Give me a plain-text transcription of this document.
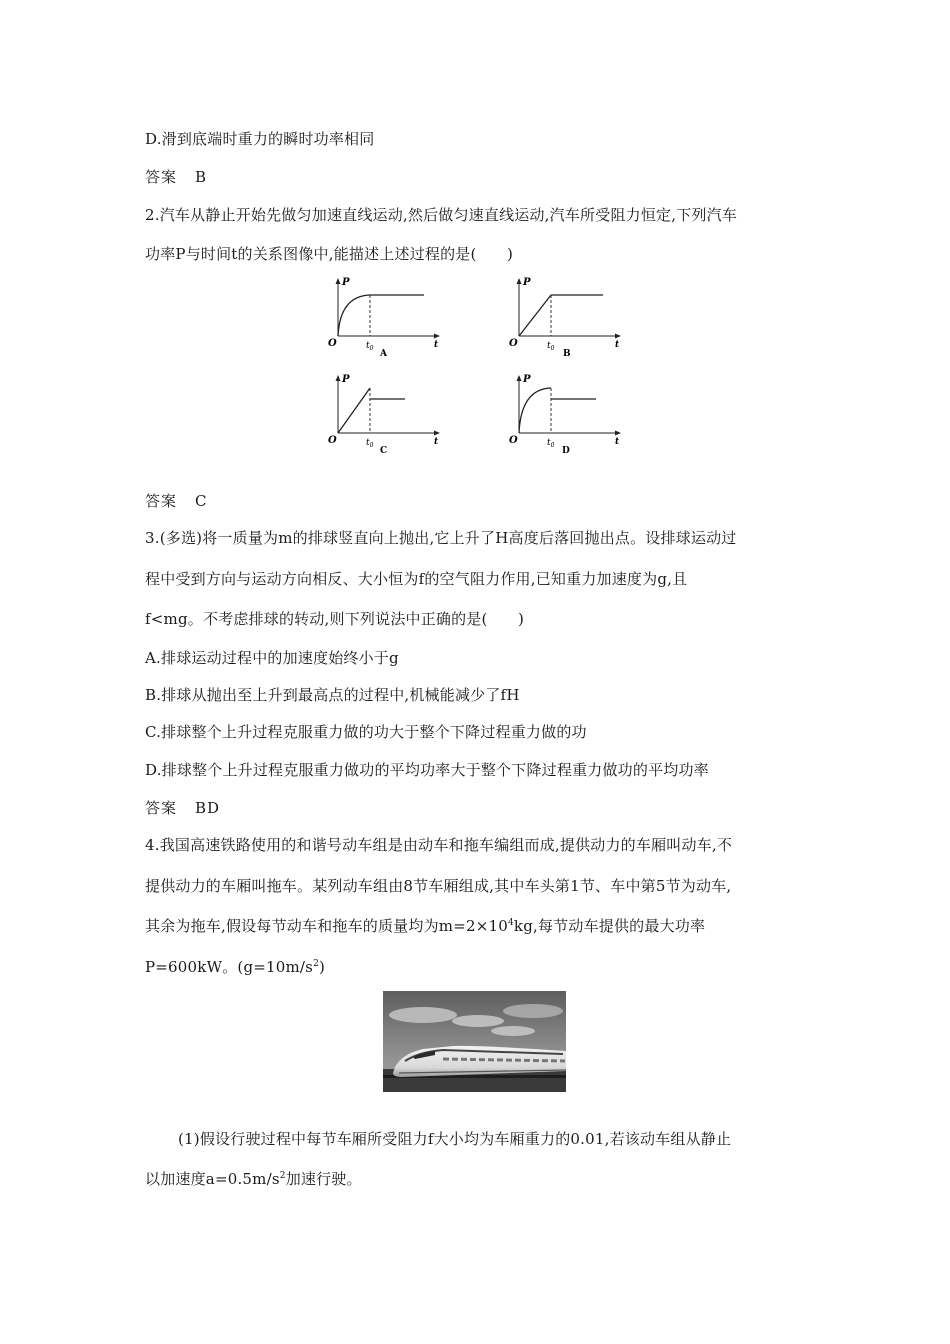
D.滑到底端时重力的瞬时功率相同
答案 B
2.汽车从静止开始先做匀加速直线运动,然后做匀速直线运动,汽车所受阻力恒定,下列汽车
功率P与时间t的关系图像中,能描述上述过程的是(　　)
P
O	t
$t_0$
A
P
O	t
$t_0$
B
P
O	t
$t_0$
C
P
O	t
$t_0$
D
答案 C
3.(多选)将一质量为m的排球竖直向上抛出,它上升了H高度后落回抛出点。设排球运动过
程中受到方向与运动方向相反、大小恒为f的空气阻力作用,已知重力加速度为g,且
f<mg。不考虑排球的转动,则下列说法中正确的是(　　)
A.排球运动过程中的加速度始终小于g
B.排球从抛出至上升到最高点的过程中,机械能减少了fH
C.排球整个上升过程克服重力做的功大于整个下降过程重力做的功
D.排球整个上升过程克服重力做功的平均功率大于整个下降过程重力做功的平均功率
答案 BD
4.我国高速铁路使用的和谐号动车组是由动车和拖车编组而成,提供动力的车厢叫动车,不
提供动力的车厢叫拖车。某列动车组由8节车厢组成,其中车头第1节、车中第5节为动车,
其余为拖车,假设每节动车和拖车的质量均为$m=2\times 10^4kg$,每节动车提供的最大功率
P=600kW。$(g=10m/s^2)$
(1)假设行驶过程中每节车厢所受阻力f大小均为车厢重力的0.01,若该动车组从静止
以加速度$a=0.5m/s^2$加速行驶。
